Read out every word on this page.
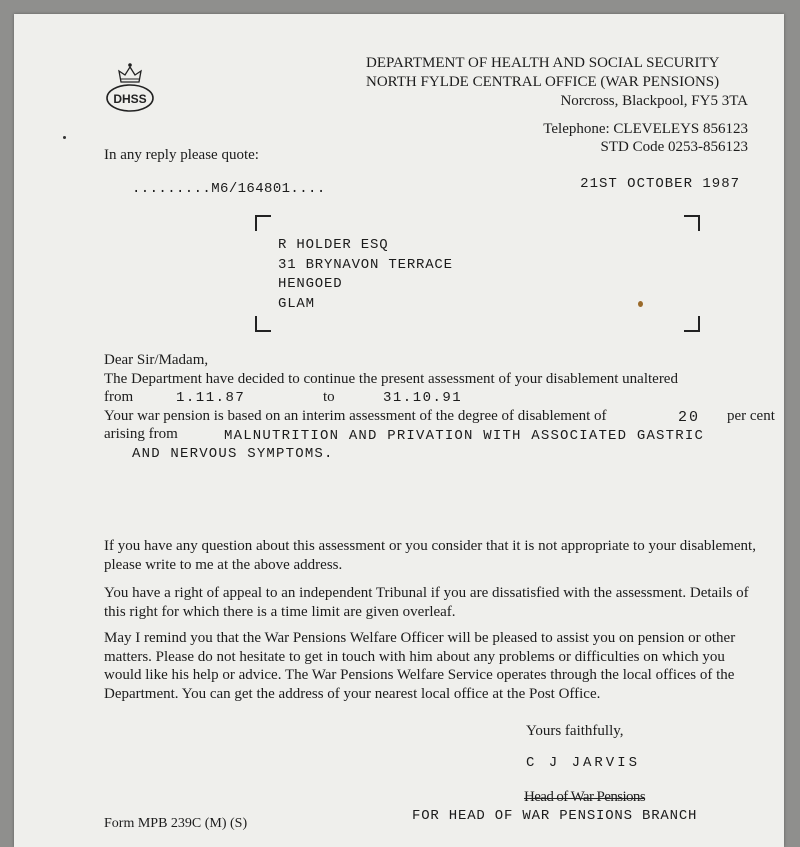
DHSS
DEPARTMENT OF HEALTH AND SOCIAL SECURITY
NORTH FYLDE CENTRAL OFFICE (WAR PENSIONS)
Norcross, Blackpool, FY5 3TA
Telephone: CLEVELEYS 856123
STD Code 0253-856123
In any reply please quote:
.........M6/164801....	21ST OCTOBER 1987
R HOLDER ESQ
31 BRYNAVON TERRACE
HENGOED
GLAM
Dear Sir/Madam,
The Department have decided to continue the present assessment of your disablement unaltered
from	1.11.87	to	31.10.91
Your war pension is based on an interim assessment of the degree of disablement of	20 per cent
arising from	MALNUTRITION AND PRIVATION WITH ASSOCIATED GASTRIC
AND NERVOUS SYMPTOMS.
If you have any question about this assessment or you consider that it is not appropriate to your disablement, please write to me at the above address.
You have a right of appeal to an independent Tribunal if you are dissatisfied with the assessment. Details of this right for which there is a time limit are given overleaf.
May I remind you that the War Pensions Welfare Officer will be pleased to assist you on pension or other matters. Please do not hesitate to get in touch with him about any problems or difficulties on which you would like his help or advice. The War Pensions Welfare Service operates through the local offices of the Department. You can get the address of your nearest local office at the Post Office.
Yours faithfully,
C J JARVIS
Head of War Pensions
FOR HEAD OF WAR PENSIONS BRANCH
Form MPB 239C (M) (S)
